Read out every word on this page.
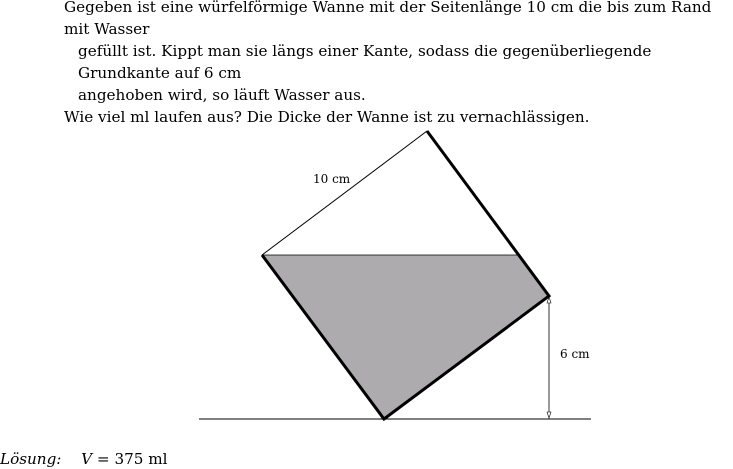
Gegeben ist eine würfelförmige Wanne mit der Seitenlänge 10 cm die bis zum Rand mit Wasser

gefüllt ist. Kippt man sie längs einer Kante, sodass die gegenüberliegende Grundkante auf 6 cm

angehoben wird, so läuft Wasser aus.

Wie viel ml laufen aus? Die Dicke der Wanne ist zu vernachlässigen.

10 cm
6 cm
Lösung: V = 375 ml
